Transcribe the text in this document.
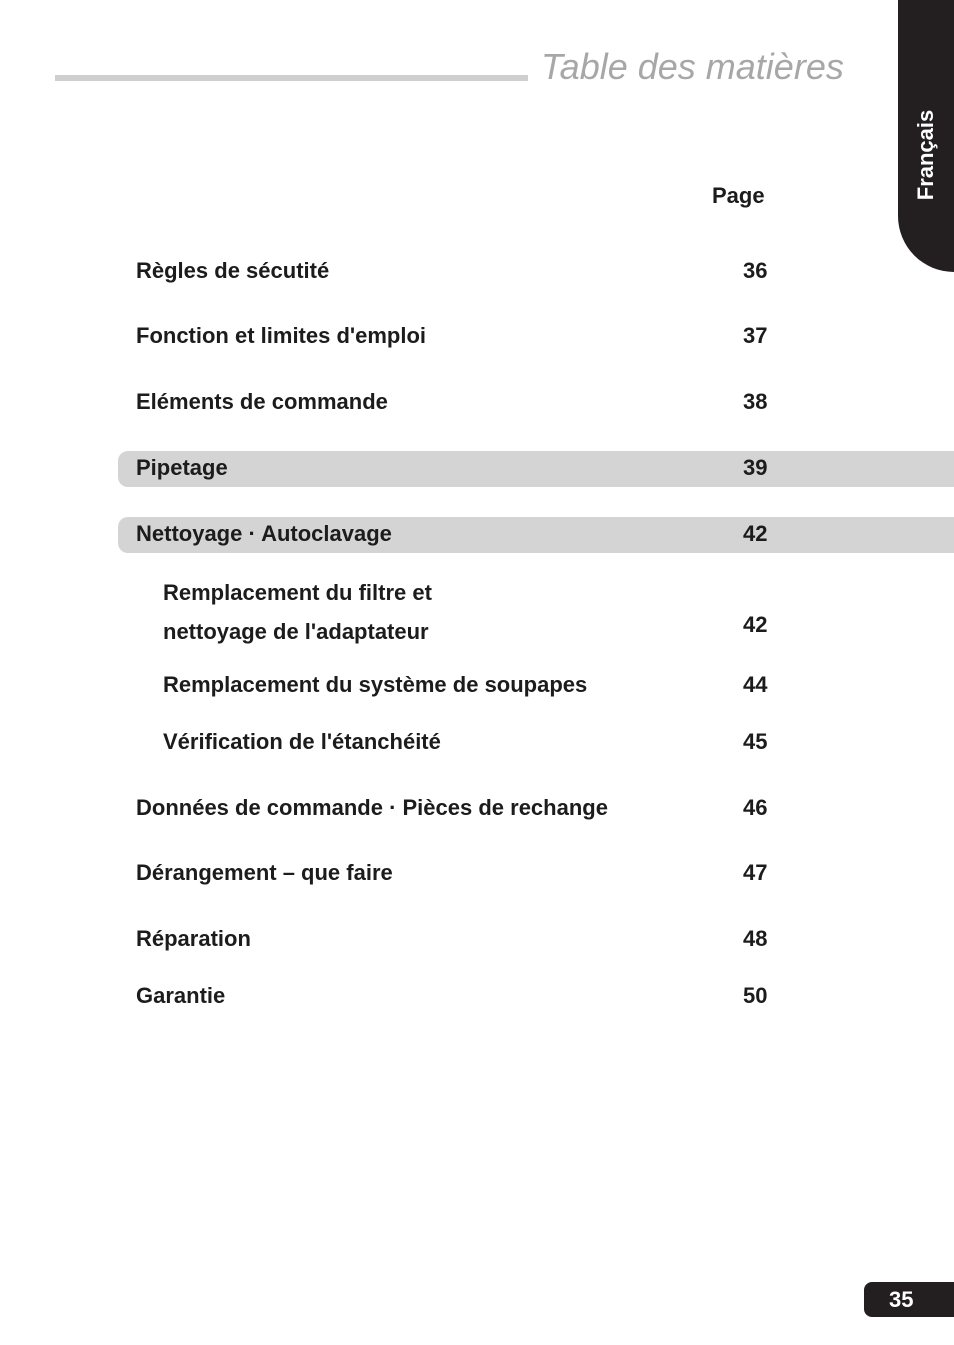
Table des matières
Français
Page
Règles de sécutité	36
Fonction et limites d'emploi	37
Eléments de commande	38
Pipetage	39
Nettoyage · Autoclavage	42
Remplacement du filtre et
nettoyage de l'adaptateur	42
Remplacement du système de soupapes	44
Vérification de l'étanchéité	45
Données de commande · Pièces de rechange	46
Dérangement – que faire	47
Réparation	48
Garantie	50
35
